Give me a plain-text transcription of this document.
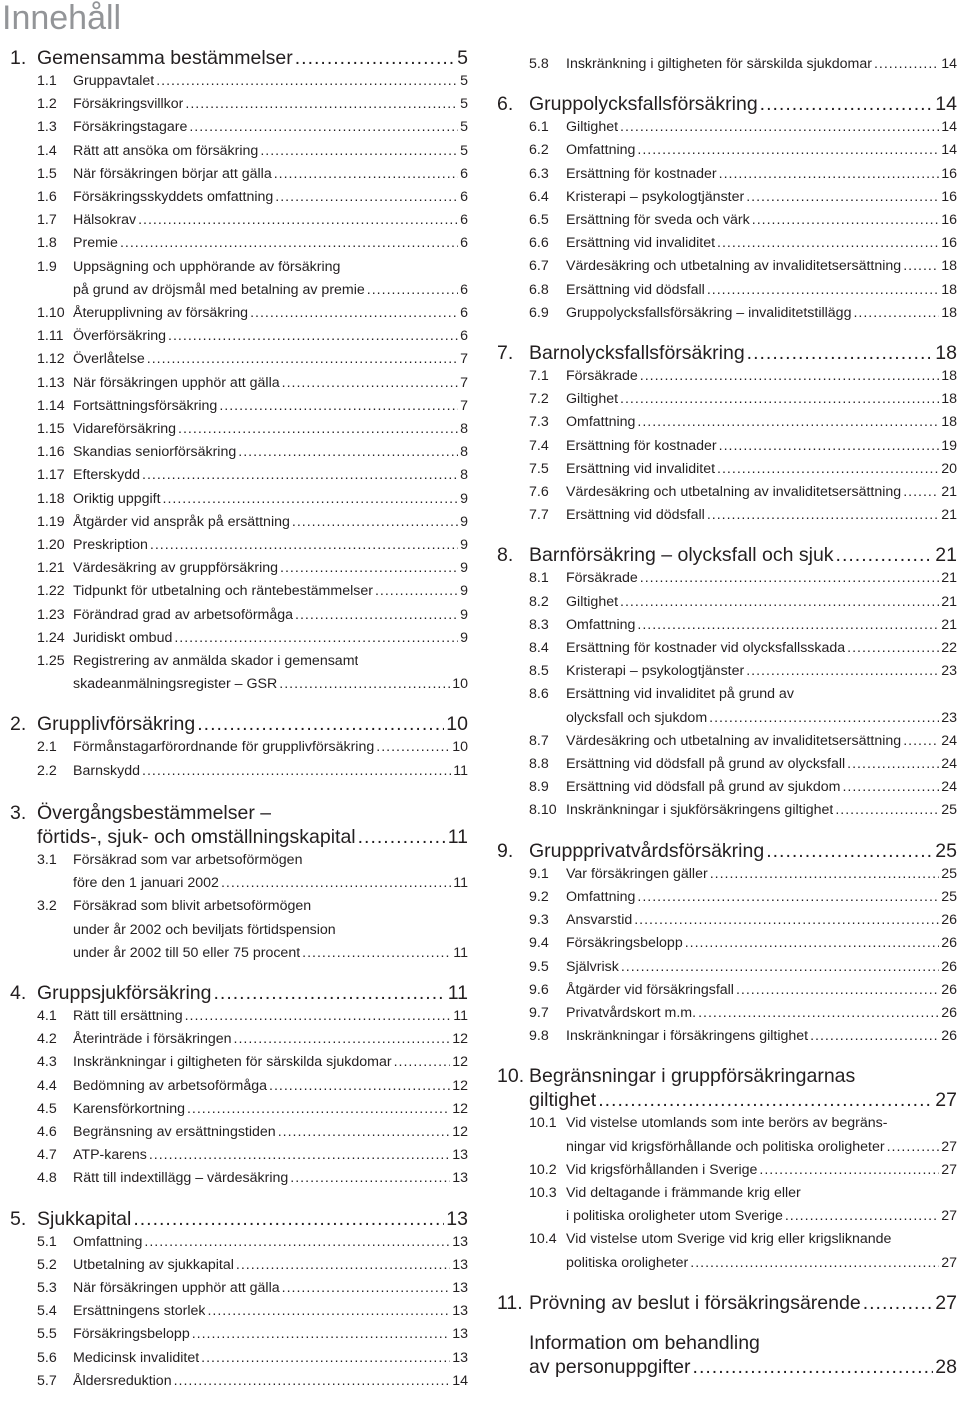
Innehåll
1. Gemensamma bestämmelser .....	5
1.1	Gruppavtalet .....	5
1.2	Försäkringsvillkor .....	5
1.3	Försäkringstagare .....	5
1.4	Rätt att ansöka om försäkring .....	5
1.5	När försäkringen börjar att gälla .....	6
1.6	Försäkringsskyddets omfattning .....	6
1.7	Hälsokrav .....	6
1.8	Premie .....	6
1.9	Uppsägning och upphörande av försäkring
på grund av dröjsmål med betalning av premie .....	6
1.10 Återupplivning av försäkring .....	6
1.11 Överförsäkring .....	6
1.12 Överlåtelse .....	7
1.13 När försäkringen upphör att gälla .....	7
1.14 Fortsättningsförsäkring .....	7
1.15 Vidareförsäkring .....	8
1.16 Skandias seniorförsäkring .....	8
1.17 Efterskydd .....	8
1.18 Oriktig uppgift .....	9
1.19 Åtgärder vid anspråk på ersättning .....	9
1.20 Preskription .....	9
1.21 Värdesäkring av gruppförsäkring .....	9
1.22 Tidpunkt för utbetalning och räntebestämmelser .....	9
1.23 Förändrad grad av arbetsoförmåga .....	9
1.24 Juridiskt ombud .....	9
1.25 Registrering av anmälda skador i gemensamt
skadeanmälningsregister – GSR .....	10
2. Grupplivförsäkring .....	10
2.1	Förmånstagarförordnande för grupplivförsäkring .....	10
2.2	Barnskydd .....	11
3. Övergångsbestämmelser –
förtids-, sjuk- och omställningskapital .....	11
3.1	Försäkrad som var arbetsoförmögen
före den 1 januari 2002 .....	11
3.2	Försäkrad som blivit arbetsoförmögen
under år 2002 och beviljats förtidspension
under år 2002 till 50 eller 75 procent .....	11
4. Gruppsjukförsäkring .....	11
4.1	Rätt till ersättning .....	11
4.2	Återinträde i försäkringen .....	12
4.3	Inskränkningar i giltigheten för särskilda sjukdomar .....	12
4.4	Bedömning av arbetsoförmåga .....	12
4.5	Karensförkortning .....	12
4.6	Begränsning av ersättningstiden .....	12
4.7	ATP-karens .....	13
4.8	Rätt till indextillägg – värdesäkring .....	13
5. Sjukkapital .....	13
5.1	Omfattning .....	13
5.2	Utbetalning av sjukkapital .....	13
5.3	När försäkringen upphör att gälla .....	13
5.4	Ersättningens storlek .....	13
5.5	Försäkringsbelopp .....	13
5.6	Medicinsk invaliditet .....	13
5.7	Åldersreduktion .....	14
5.8	Inskränkning i giltigheten för särskilda sjukdomar .....	14
6. Gruppolycksfallsförsäkring .....	14
6.1	Giltighet .....	14
6.2	Omfattning .....	14
6.3	Ersättning för kostnader .....	16
6.4	Kristerapi – psykologtjänster .....	16
6.5	Ersättning för sveda och värk .....	16
6.6	Ersättning vid invaliditet .....	16
6.7	Värdesäkring och utbetalning av invaliditetsersättning .....	18
6.8	Ersättning vid dödsfall .....	18
6.9	Gruppolycksfallsförsäkring – invaliditetstillägg .....	18
7. Barnolycksfallsförsäkring .....	18
7.1	Försäkrade .....	18
7.2	Giltighet .....	18
7.3	Omfattning .....	18
7.4	Ersättning för kostnader .....	19
7.5	Ersättning vid invaliditet .....	20
7.6	Värdesäkring och utbetalning av invaliditetsersättning .....	21
7.7	Ersättning vid dödsfall .....	21
8. Barnförsäkring – olycksfall och sjuk .....	21
8.1	Försäkrade .....	21
8.2	Giltighet .....	21
8.3	Omfattning .....	21
8.4	Ersättning för kostnader vid olycksfallsskada .....	22
8.5	Kristerapi – psykologtjänster .....	23
8.6	Ersättning vid invaliditet på grund av
olycksfall och sjukdom .....	23
8.7	Värdesäkring och utbetalning av invaliditetsersättning .....	24
8.8	Ersättning vid dödsfall på grund av olycksfall .....	24
8.9	Ersättning vid dödsfall på grund av sjukdom .....	24
8.10 Inskränkningar i sjukförsäkringens giltighet .....	25
9. Gruppprivatvårdsförsäkring .....	25
9.1	Var försäkringen gäller .....	25
9.2	Omfattning .....	25
9.3	Ansvarstid .....	26
9.4	Försäkringsbelopp .....	26
9.5	Självrisk .....	26
9.6	Åtgärder vid försäkringsfall .....	26
9.7	Privatvårdskort m.m. .....	26
9.8	Inskränkningar i försäkringens giltighet .....	26
10. Begränsningar i gruppförsäkringarnas
giltighet .....	27
10.1 Vid vistelse utomlands som inte berörs av begräns-
ningar vid krigsförhållande och politiska oroligheter .....	27
10.2 Vid krigsförhållanden i Sverige .....	27
10.3 Vid deltagande i främmande krig eller
i politiska oroligheter utom Sverige .....	27
10.4 Vid vistelse utom Sverige vid krig eller krigsliknande
politiska oroligheter .....	27
11. Prövning av beslut i försäkringsärende .....	27
Information om behandling
av personuppgifter .....	28
